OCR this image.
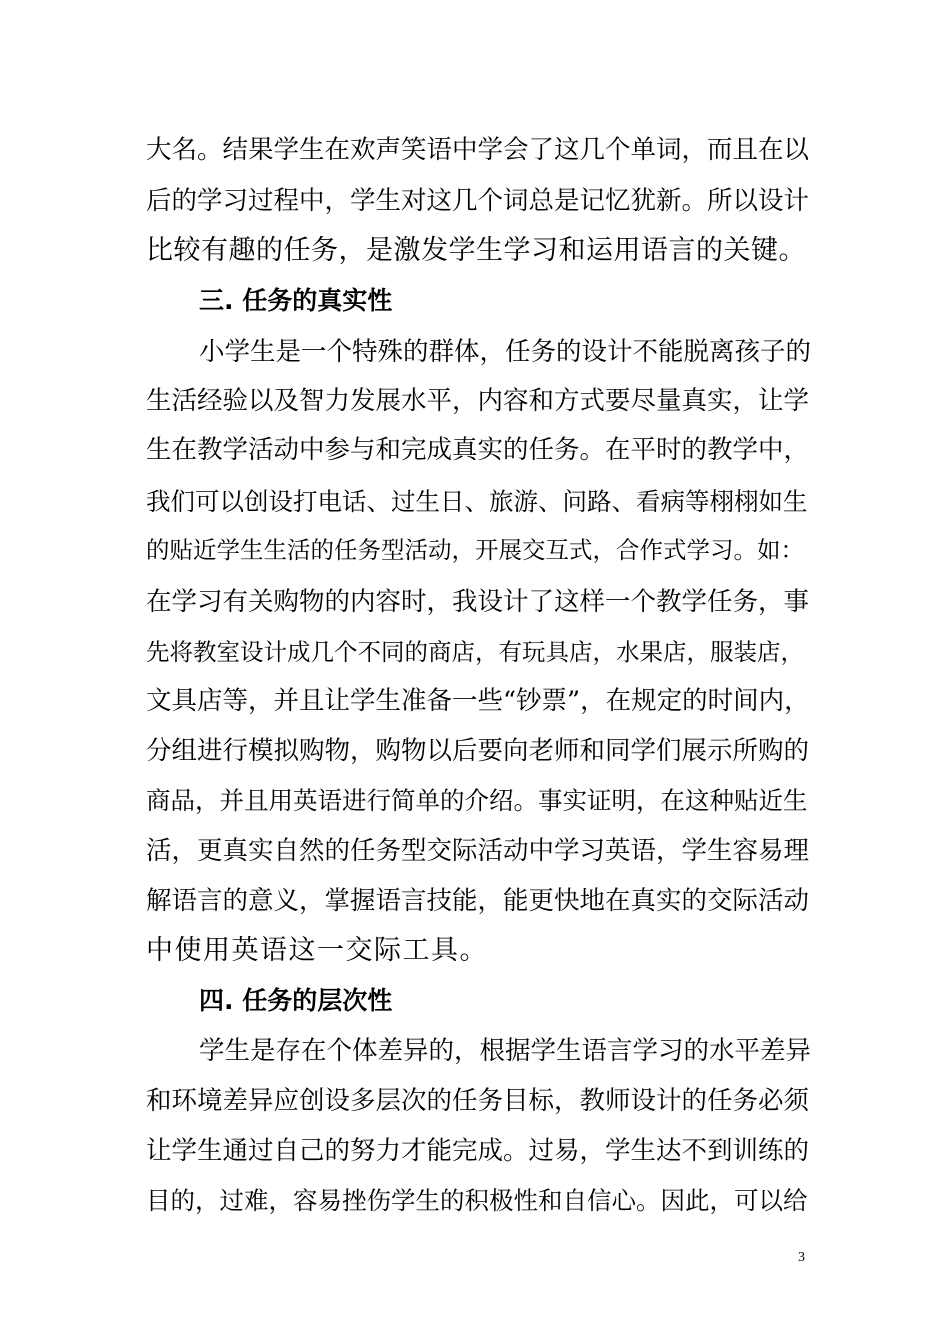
大名。结果学生在欢声笑语中学会了这几个单词，而且在以
后的学习过程中，学生对这几个词总是记忆犹新。所以设计
比较有趣的任务，是激发学生学习和运用语言的关键。
三. 任务的真实性
小学生是一个特殊的群体，任务的设计不能脱离孩子的
生活经验以及智力发展水平，内容和方式要尽量真实，让学
生在教学活动中参与和完成真实的任务。在平时的教学中，
我们可以创设打电话、过生日、旅游、问路、看病等栩栩如生
的贴近学生生活的任务型活动，开展交互式，合作式学习。如：
在学习有关购物的内容时，我设计了这样一个教学任务，事
先将教室设计成几个不同的商店，有玩具店，水果店，服装店，
文具店等，并且让学生准备一些“钞票”，在规定的时间内，
分组进行模拟购物，购物以后要向老师和同学们展示所购的
商品，并且用英语进行简单的介绍。事实证明，在这种贴近生
活，更真实自然的任务型交际活动中学习英语，学生容易理
解语言的意义，掌握语言技能，能更快地在真实的交际活动
中使用英语这一交际工具。
四. 任务的层次性
学生是存在个体差异的，根据学生语言学习的水平差异
和环境差异应创设多层次的任务目标，教师设计的任务必须
让学生通过自己的努力才能完成。过易，学生达不到训练的
目的，过难，容易挫伤学生的积极性和自信心。因此，可以给
3
